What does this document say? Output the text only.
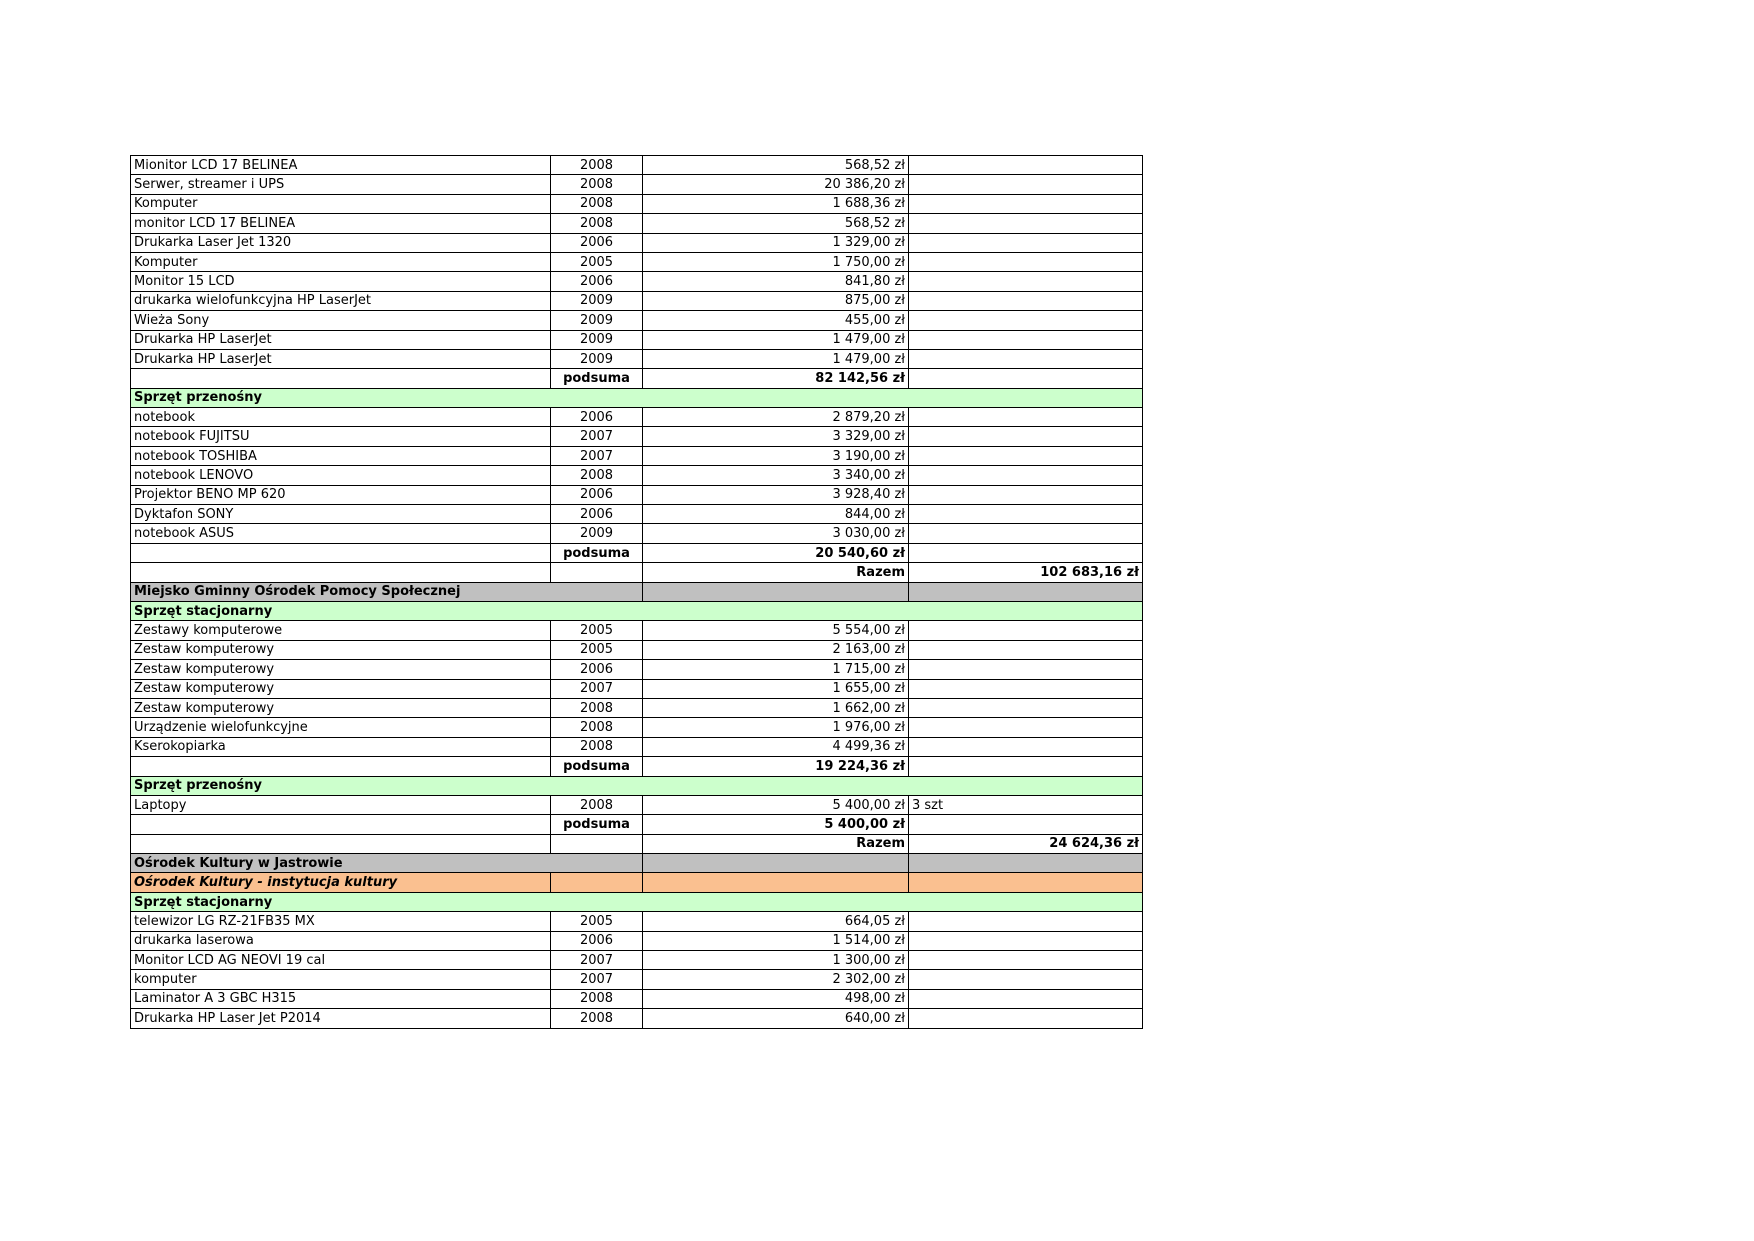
Mionitor LCD 17 BELINEA	2008	568,52 zł	
Serwer, streamer i UPS	2008	20 386,20 zł	
Komputer	2008	1 688,36 zł	
monitor LCD 17 BELINEA	2008	568,52 zł	
Drukarka Laser Jet 1320	2006	1 329,00 zł	
Komputer	2005	1 750,00 zł	
Monitor 15 LCD	2006	841,80 zł	
drukarka wielofunkcyjna HP LaserJet	2009	875,00 zł	
Wieża Sony	2009	455,00 zł	
Drukarka HP LaserJet	2009	1 479,00 zł	
Drukarka HP LaserJet	2009	1 479,00 zł	
	podsuma	82 142,56 zł	
Sprzęt przenośny			
notebook	2006	2 879,20 zł	
notebook FUJITSU	2007	3 329,00 zł	
notebook TOSHIBA	2007	3 190,00 zł	
notebook LENOVO	2008	3 340,00 zł	
Projektor BENO MP 620	2006	3 928,40 zł	
Dyktafon SONY	2006	844,00 zł	
notebook ASUS	2009	3 030,00 zł	
	podsuma	20 540,60 zł	
		Razem	102 683,16 zł
Miejsko Gminny Ośrodek Pomocy Społecznej			
Sprzęt stacjonarny			
Zestawy komputerowe	2005	5 554,00 zł	
Zestaw komputerowy	2005	2 163,00 zł	
Zestaw komputerowy	2006	1 715,00 zł	
Zestaw komputerowy	2007	1 655,00 zł	
Zestaw komputerowy	2008	1 662,00 zł	
Urządzenie wielofunkcyjne	2008	1 976,00 zł	
Kserokopiarka	2008	4 499,36 zł	
	podsuma	19 224,36 zł	
Sprzęt przenośny			
Laptopy	2008	5 400,00 zł	3 szt
	podsuma	5 400,00 zł	
		Razem	24 624,36 zł
Ośrodek Kultury w Jastrowie			
Ośrodek Kultury - instytucja kultury			
Sprzęt stacjonarny			
telewizor LG RZ-21FB35 MX	2005	664,05 zł	
drukarka laserowa	2006	1 514,00 zł	
Monitor LCD AG NEOVI 19 cal	2007	1 300,00 zł	
komputer	2007	2 302,00 zł	
Laminator A 3 GBC H315	2008	498,00 zł	
Drukarka HP Laser Jet P2014	2008	640,00 zł	
